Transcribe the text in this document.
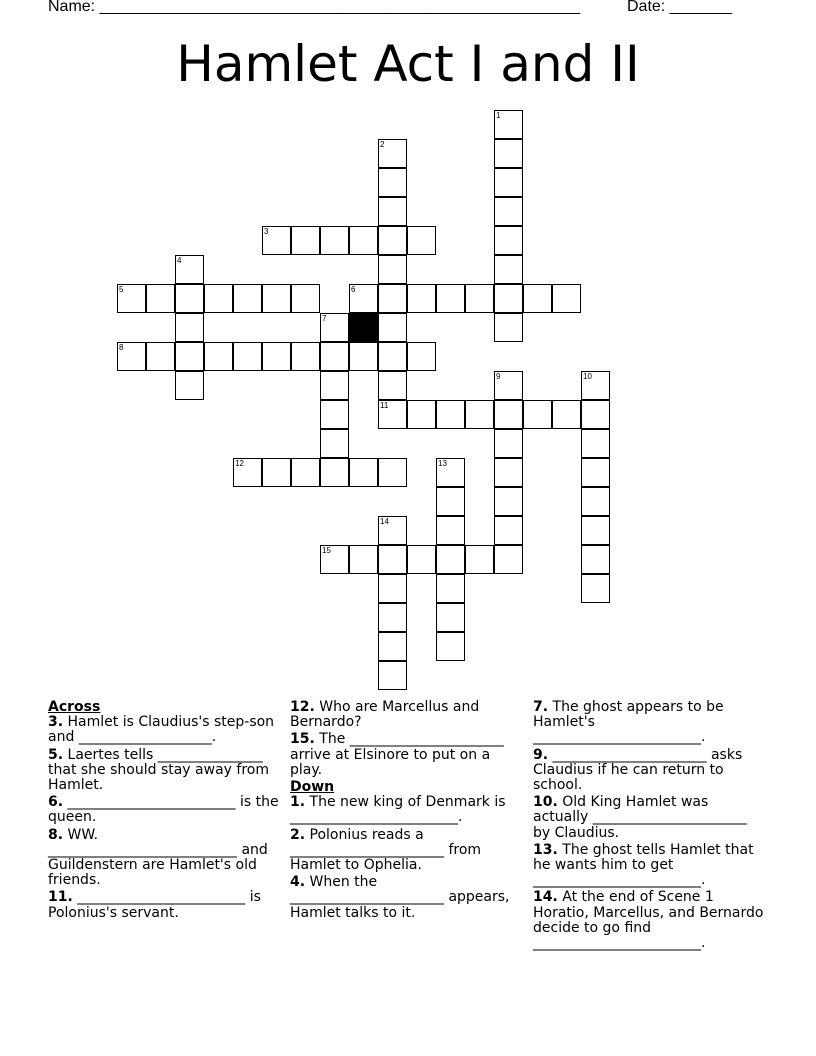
Name: ______________________________________________________	Date: _______
Hamlet Act I and II
1
2
11
3
4
5	6
7
8
9	10
12	13
14
15
Across
3. Hamlet is Claudius's step-son and ___________________.
5. Laertes tells _______________ that she should stay away from Hamlet.
6. ________________________ is the queen.
8. WW. ___________________________ and Guildenstern are Hamlet's old friends.
11. ________________________ is Polonius's servant.
12. Who are Marcellus and Bernardo?
15. The ______________________ arrive at Elsinore to put on a play.
Down
1. The new king of Denmark is ________________________.
2. Polonius reads a ______________________ from Hamlet to Ophelia.
4. When the ______________________ appears, Hamlet talks to it.
7. The ghost appears to be Hamlet's ________________________.
9. ______________________ asks Claudius if he can return to school.
10. Old King Hamlet was actually ______________________ by Claudius.
13. The ghost tells Hamlet that he wants him to get ________________________.
14. At the end of Scene 1 Horatio, Marcellus, and Bernardo decide to go find ________________________.
